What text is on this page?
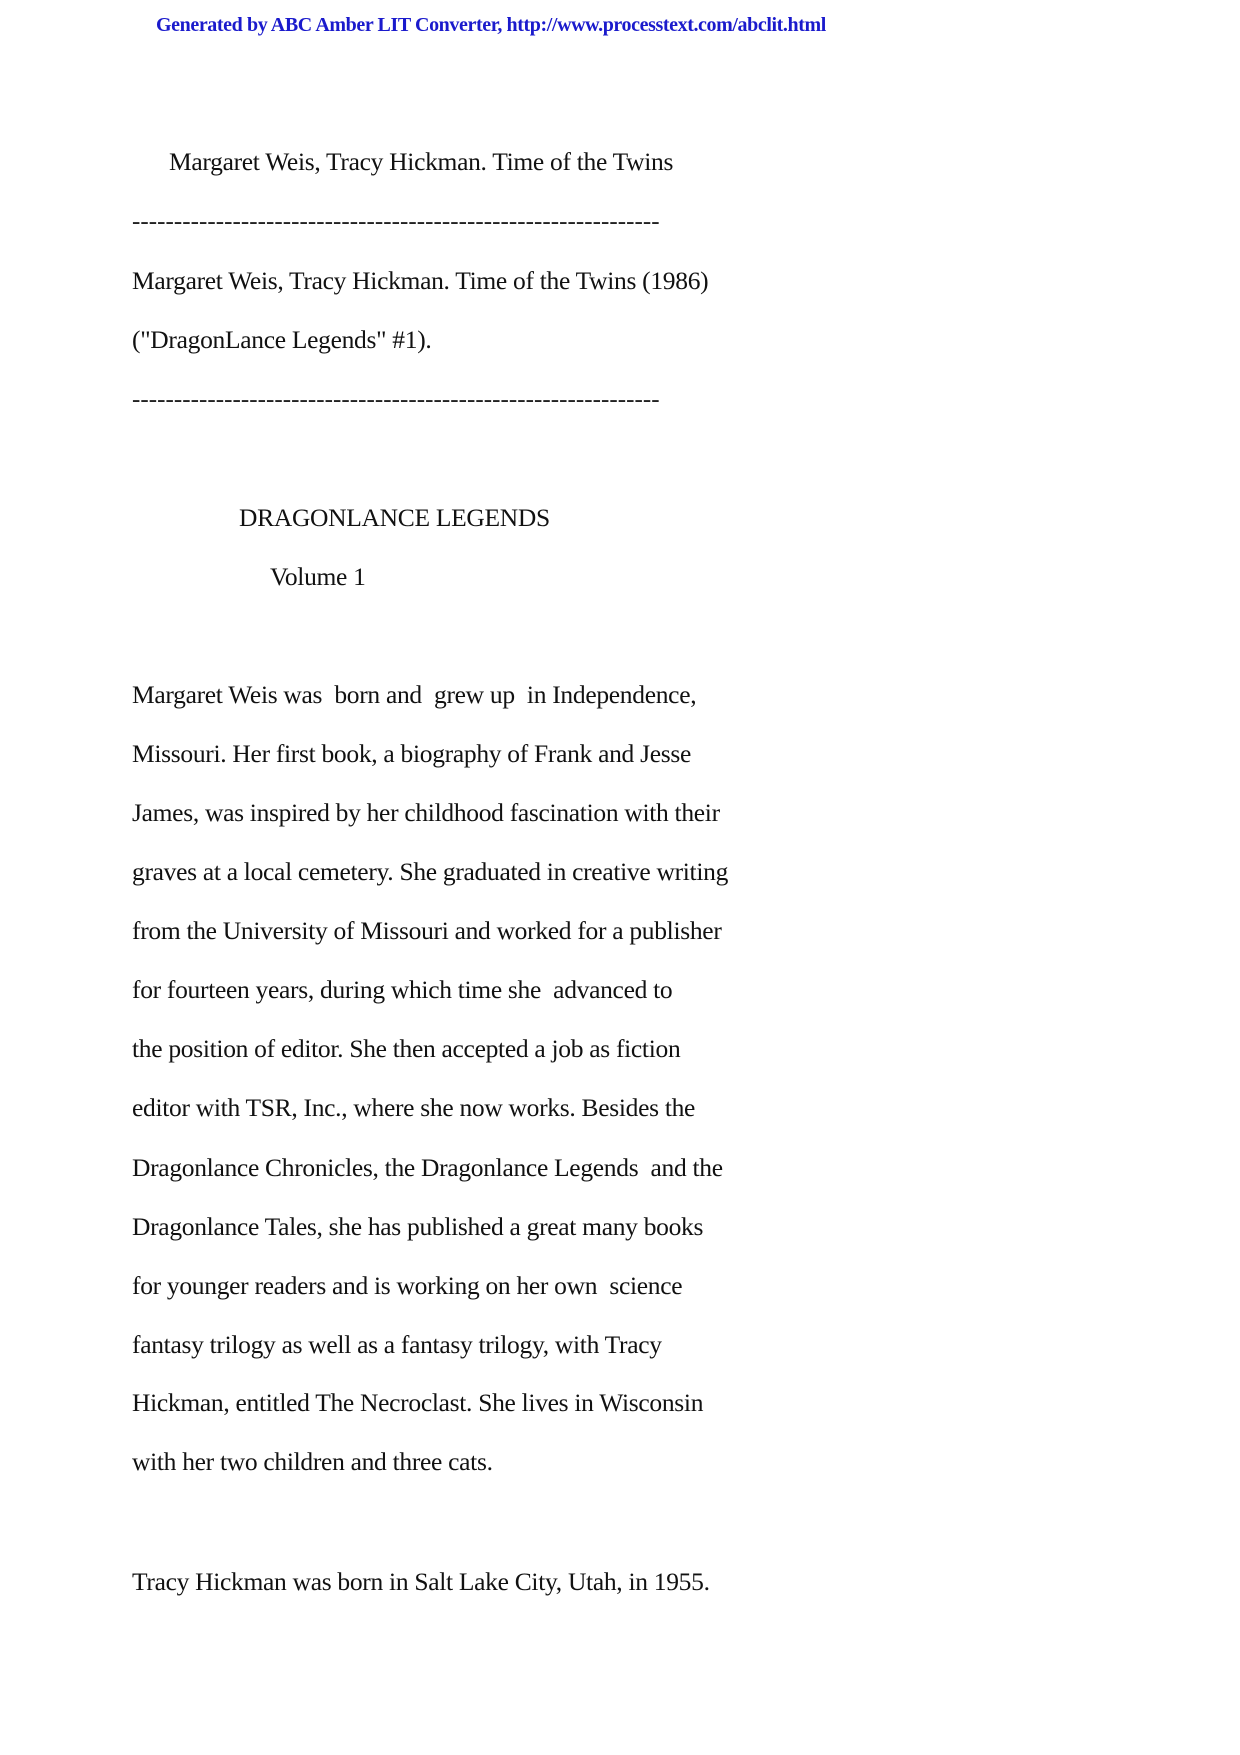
Generated by ABC Amber LIT Converter, http://www.processtext.com/abclit.html
Margaret Weis, Tracy Hickman. Time of the Twins
---------------------------------------------------------------
Margaret Weis, Tracy Hickman. Time of the Twins (1986)
("DragonLance Legends" #1).
---------------------------------------------------------------
DRAGONLANCE LEGENDS
Volume 1
Margaret Weis was  born and  grew up  in Independence,
Missouri. Her first book, a biography of Frank and Jesse
James, was inspired by her childhood fascination with their
graves at a local cemetery. She graduated in creative writing
from the University of Missouri and worked for a publisher
for fourteen years, during which time she  advanced to
the position of editor. She then accepted a job as fiction
editor with TSR, Inc., where she now works. Besides the
Dragonlance Chronicles, the Dragonlance Legends  and the
Dragonlance Tales, she has published a great many books
for younger readers and is working on her own  science
fantasy trilogy as well as a fantasy trilogy, with Tracy
Hickman, entitled The Necroclast. She lives in Wisconsin
with her two children and three cats.
Tracy Hickman was born in Salt Lake City, Utah, in 1955.
